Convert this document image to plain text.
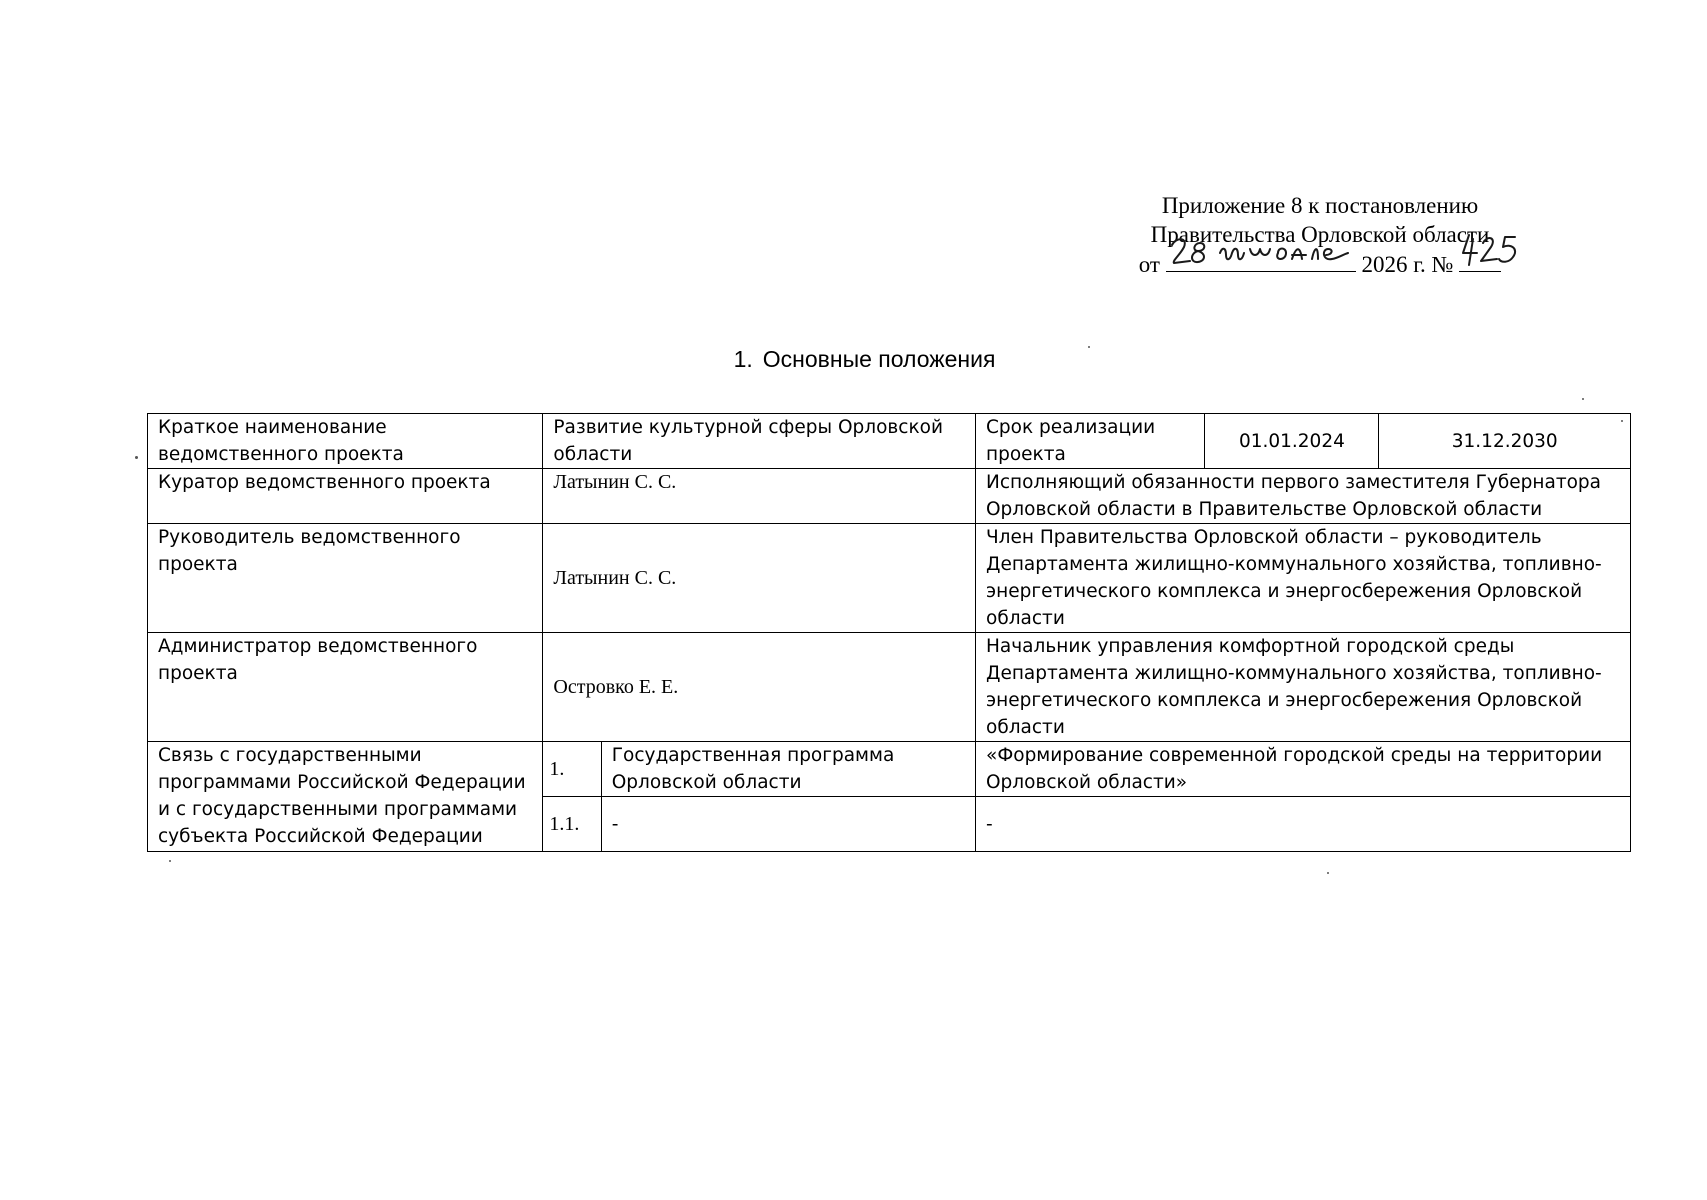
Приложение 8 к постановлению
Правительства Орловской области
от	2026 г. №
1. Основные положения
Краткое наименование ведомственного проекта	Развитие культурной сферы Орловской области		Срок реализации проекта	01.01.2024	31.12.2030
Куратор ведомственного проекта	Латынин С. С.		Исполняющий обязанности первого заместителя Губернатора Орловской области в Правительстве Орловской области		
Руководитель ведомственного проекта	Латынин С. С.		Член Правительства Орловской области – руководитель Департамента жилищно-коммунального хозяйства, топливно-энергетического комплекса и энергосбережения Орловской области		
Администратор ведомственного проекта	Островко Е. Е.		Начальник управления комфортной городской среды Департамента жилищно-коммунального хозяйства, топливно-энергетического комплекса и энергосбережения Орловской области		
Связь с государственными программами Российской Федерации и с государственными программами субъекта Российской Федерации	1.	Государственная программа Орловской области	«Формирование современной городской среды на территории Орловской области»		
	1.1.	-	-		
